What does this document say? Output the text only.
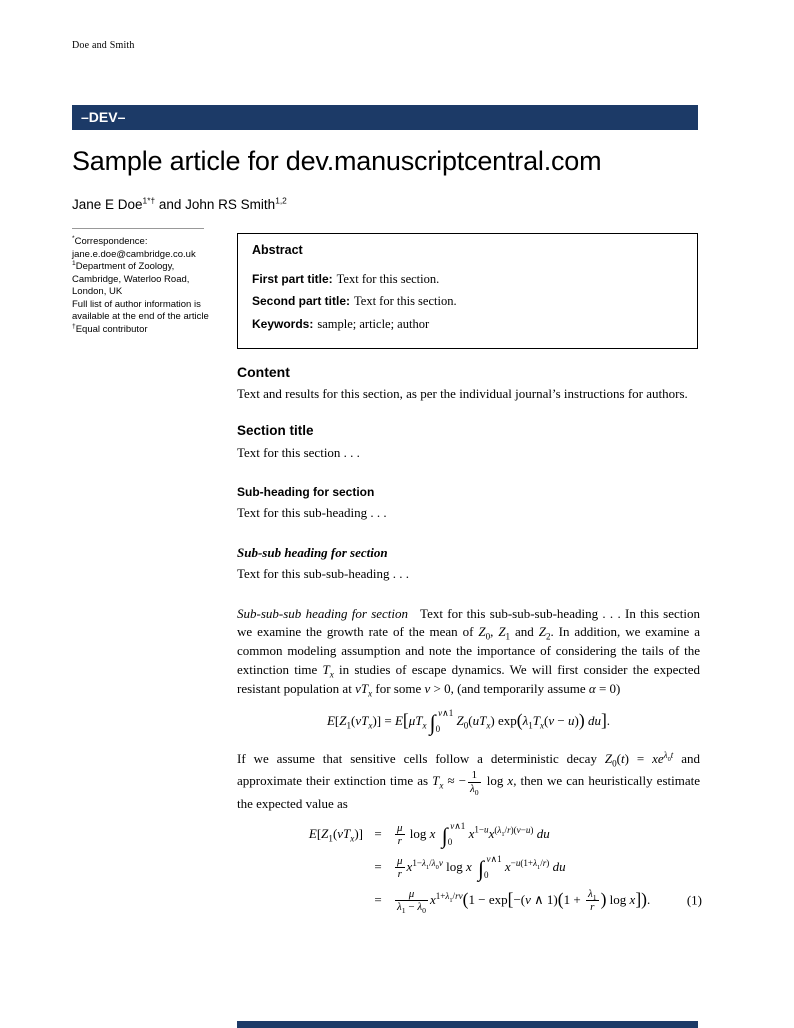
Doe and Smith
–DEV–
Sample article for dev.manuscriptcentral.com
Jane E Doe$^{1*\dagger}$ and John RS Smith$^{1,2}$
*Correspondence:
jane.e.doe@cambridge.co.uk
$^1$Department of Zoology, Cambridge, Waterloo Road, London, UK
Full list of author information is available at the end of the article
†Equal contributor
Abstract
First part title: Text for this section.
Second part title: Text for this section.
Keywords: sample; article; author
Content

Text and results for this section, as per the individual journal’s instructions for authors.

Section title

Text for this section . . .

Sub-heading for section

Text for this sub-heading . . .

Sub-sub heading for section

Text for this sub-sub-heading . . .

Sub-sub-sub heading for section Text for this sub-sub-sub-heading . . . In this section we examine the growth rate of the mean of $Z_0$, $Z_1$ and $Z_2$. In addition, we examine a common modeling assumption and note the importance of considering the tails of the extinction time $T_x$ in studies of escape dynamics. We will first consider the expected resistant population at $vT_x$ for some v > 0, (and temporarily assume α = 0)

$E[Z_1(vT_x)] = E[\mu T_x$ $\int_0^{v\wedge 1}$ $Z_0(uT_x) \exp(\lambda_1T_x(v - u))$ du].

If we assume that sensitive cells follow a deterministic decay $Z_0(t) = xe^{\lambda_0t}$ and approximate their extinction time as $T_x$ ≈ − $\frac{1}{\lambda_0}$ log x, then we can heuristically estimate the expected value as

$E[Z_1(vT_x)]$ =	$\frac{\mu}{r}$ log x $\int_0^{v\wedge 1}$ $x^{1-u}x^{(\lambda_1/r)(v-u)}$ du
=	$\frac{\mu}{r} x^{1-\lambda_1/\lambda_0v}$ log x $\int_0^{v\wedge 1}$ $x^{-u(1+\lambda_1/r)}$ du
=	$\frac{\mu}{\lambda_1 - \lambda_0} x^{1+\lambda_1/rv}(1 - \exp[-(v$ ∧ $1)(1 + \frac{\lambda_1}{r}$ ) log x]).	(1)
